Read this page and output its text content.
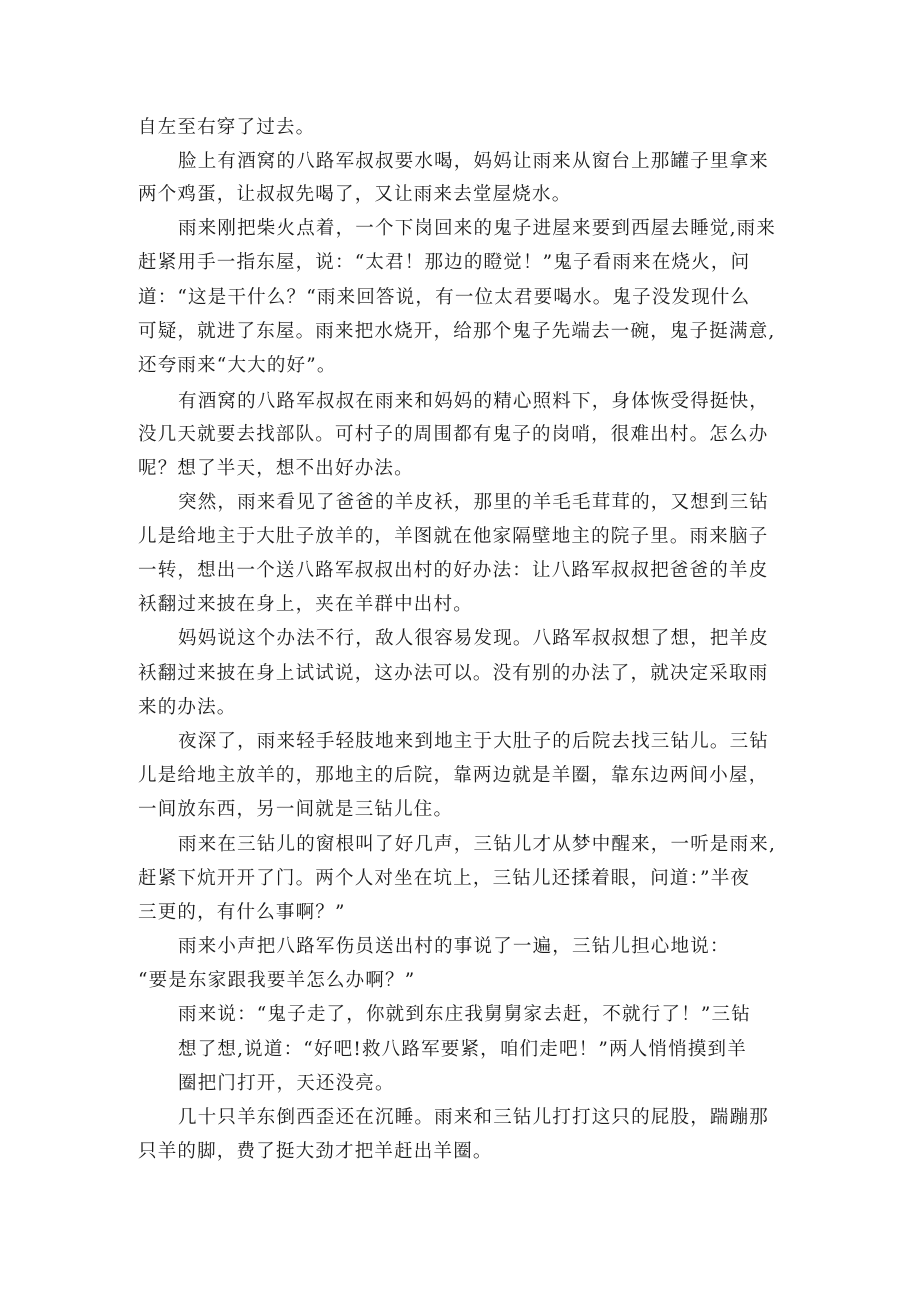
自左至右穿了过去。
脸上有酒窝的八路军叔叔要水喝，妈妈让雨来从窗台上那罐子里拿来
两个鸡蛋，让叔叔先喝了，又让雨来去堂屋烧水。
雨来刚把柴火点着，一个下岗回来的鬼子进屋来要到西屋去睡觉,雨来
赶紧用手一指东屋，说：“太君！那边的瞪觉！”鬼子看雨来在烧火，问
道：“这是干什么？“雨来回答说，有一位太君要喝水。鬼子没发现什么
可疑，就进了东屋。雨来把水烧开，给那个鬼子先端去一碗，鬼子挺满意,
还夸雨来“大大的好”。
有酒窝的八路军叔叔在雨来和妈妈的精心照料下，身体恢受得挺快，
没几天就要去找部队。可村子的周围都有鬼子的岗哨，很难出村。怎么办
呢？想了半天，想不出好办法。
突然，雨来看见了爸爸的羊皮袄，那里的羊毛毛茸茸的，又想到三钻
儿是给地主于大肚子放羊的，羊图就在他家隔壁地主的院子里。雨来脑子
一转，想出一个送八路军叔叔出村的好办法：让八路军叔叔把爸爸的羊皮
袄翻过来披在身上，夹在羊群中出村。
妈妈说这个办法不行，敌人很容易发现。八路军叔叔想了想，把羊皮
袄翻过来披在身上试试说，这办法可以。没有别的办法了，就决定采取雨
来的办法。
夜深了，雨来轻手轻肢地来到地主于大肚子的后院去找三钻儿。三钻
儿是给地主放羊的，那地主的后院，靠两边就是羊圈，靠东边两间小屋，
一间放东西，另一间就是三钻儿住。
雨来在三钻儿的窗根叫了好几声，三钻儿才从梦中醒来，一听是雨来,
赶紧下炕开开了门。两个人对坐在坑上，三钻儿还揉着眼，问道：”半夜
三更的，有什么事啊？”
雨来小声把八路军伤员送出村的事说了一遍，三钻儿担心地说：
“要是东家跟我要羊怎么办啊？”
雨来说：“鬼子走了，你就到东庄我舅舅家去赶，不就行了！”三钻
想了想,说道：“好吧!救八路军要紧，咱们走吧！”两人悄悄摸到羊
圈把门打开，天还没亮。
几十只羊东倒西歪还在沉睡。雨来和三钻儿打打这只的屁股，踹蹦那
只羊的脚，费了挺大劲才把羊赶出羊圈。
